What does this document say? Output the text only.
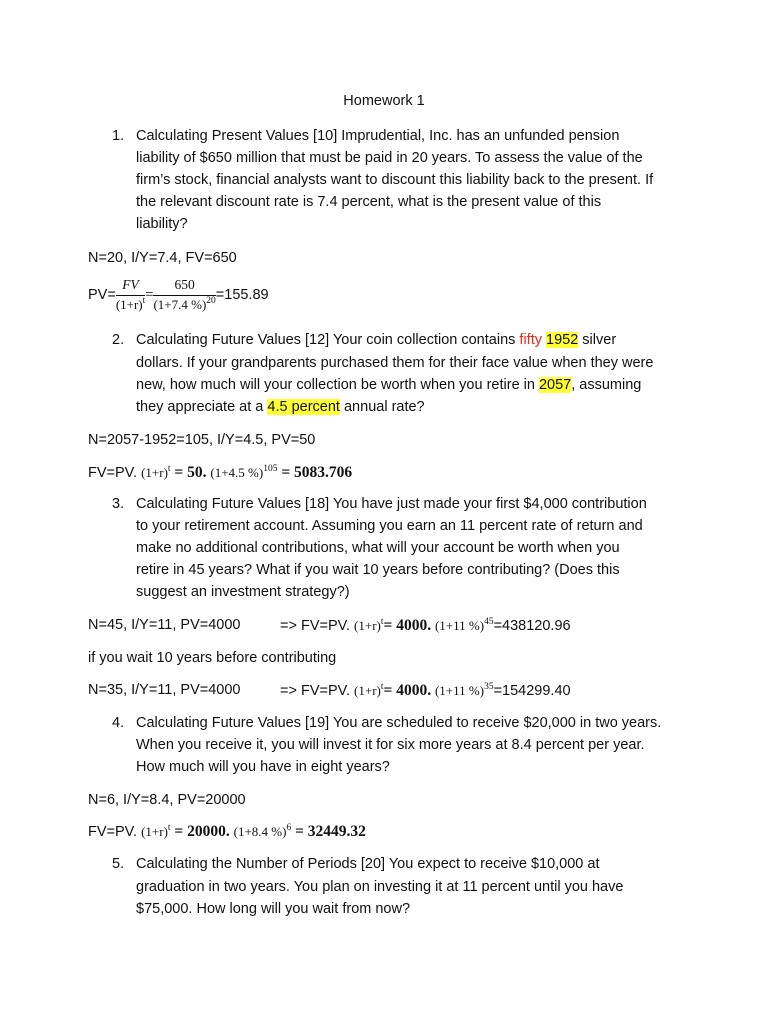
Homework 1
1. Calculating Present Values [10] Imprudential, Inc. has an unfunded pension
liability of $650 million that must be paid in 20 years. To assess the value of the
firm’s stock, financial analysts want to discount this liability back to the present. If
the relevant discount rate is 7.4 percent, what is the present value of this
liability?
N=20, I/Y=7.4, FV=650
$PV= \frac{FV}{(1+r)^t} = \frac{650}{(1+7.4 \%)^{20}} =155.89$
2. Calculating Future Values [12] Your coin collection contains fifty 1952 silver
dollars. If your grandparents purchased them for their face value when they were
new, how much will your collection be worth when you retire in 2057, assuming
they appreciate at a 4.5 percent annual rate?
N=2057-1952=105, I/Y=4.5, PV=50
FV=PV. $(1+r)^t = 50$. (1+4.5 %)$^{105}$ = 5083.706
3. Calculating Future Values [18] You have just made your first $4,000 contribution
to your retirement account. Assuming you earn an 11 percent rate of return and
make no additional contributions, what will your account be worth when you
retire in 45 years? What if you wait 10 years before contributing? (Does this
suggest an investment strategy?)
N=45, I/Y=11, PV=4000	=> FV=PV. $(1+r)^t= 4000$. (1+11 %)$^{45}$=438120.96
if you wait 10 years before contributing
N=35, I/Y=11, PV=4000	=> FV=PV. $(1+r)^t= 4000$. (1+11 %)$^{35}$=154299.40
4. Calculating Future Values [19] You are scheduled to receive $20,000 in two years.
When you receive it, you will invest it for six more years at 8.4 percent per year.
How much will you have in eight years?
N=6, I/Y=8.4, PV=20000
FV=PV. $(1+r)^t = 20000$. (1+8.4 %)$^6$ = 32449.32
5. Calculating the Number of Periods [20] You expect to receive $10,000 at
graduation in two years. You plan on investing it at 11 percent until you have
$75,000. How long will you wait from now?
